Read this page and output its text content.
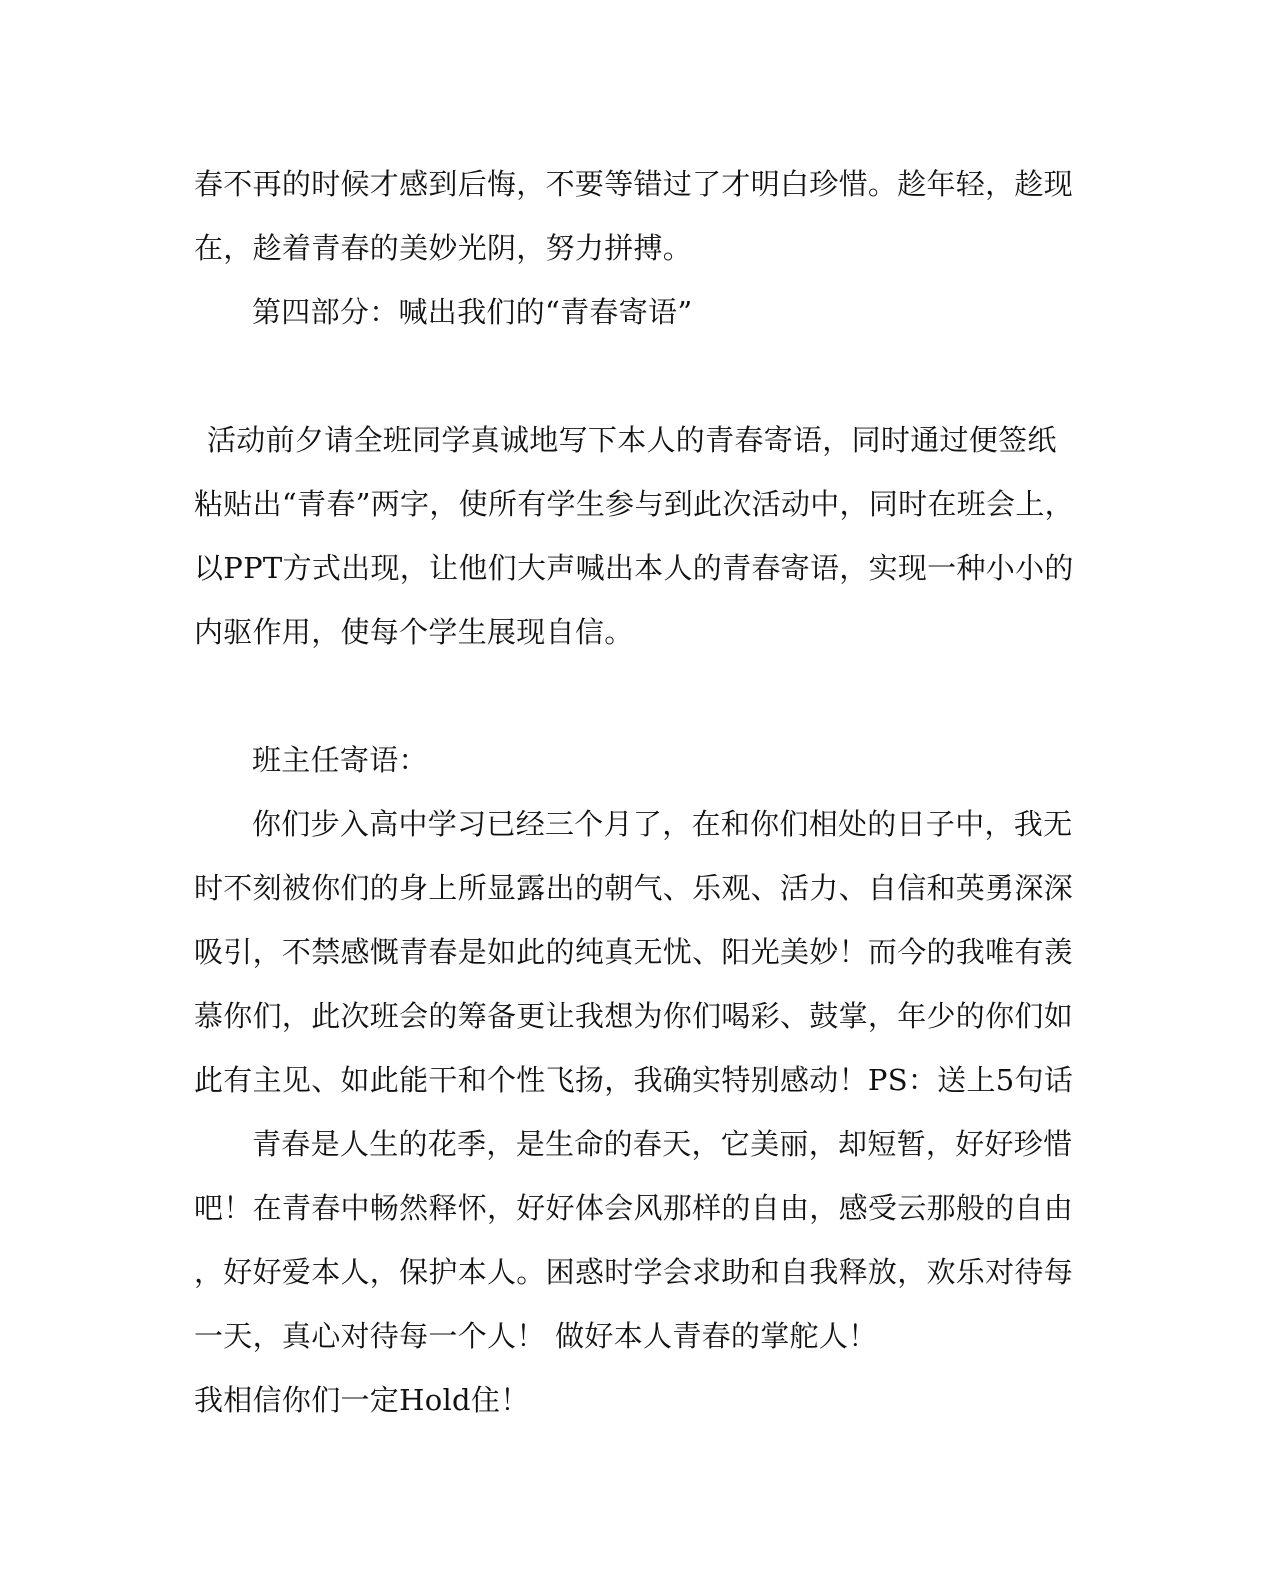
春不再的时候才感到后悔，不要等错过了才明白珍惜。趁年轻，趁现

在，趁着青春的美妙光阴，努力拼搏。

第四部分：喊出我们的“青春寄语”

活动前夕请全班同学真诚地写下本人的青春寄语，同时通过便签纸

粘贴出“青春”两字，使所有学生参与到此次活动中，同时在班会上，

以PPT方式出现，让他们大声喊出本人的青春寄语，实现一种小小的

内驱作用，使每个学生展现自信。

班主任寄语：

你们步入高中学习已经三个月了，在和你们相处的日子中，我无

时不刻被你们的身上所显露出的朝气、乐观、活力、自信和英勇深深

吸引，不禁感慨青春是如此的纯真无忧、阳光美妙！而今的我唯有羡

慕你们，此次班会的筹备更让我想为你们喝彩、鼓掌，年少的你们如

此有主见、如此能干和个性飞扬，我确实特别感动！PS：送上5句话

青春是人生的花季，是生命的春天，它美丽，却短暂，好好珍惜

吧！在青春中畅然释怀，好好体会风那样的自由，感受云那般的自由

，好好爱本人，保护本人。困惑时学会求助和自我释放，欢乐对待每

一天，真心对待每一个人！ 做好本人青春的掌舵人！

我相信你们一定Hold住！
